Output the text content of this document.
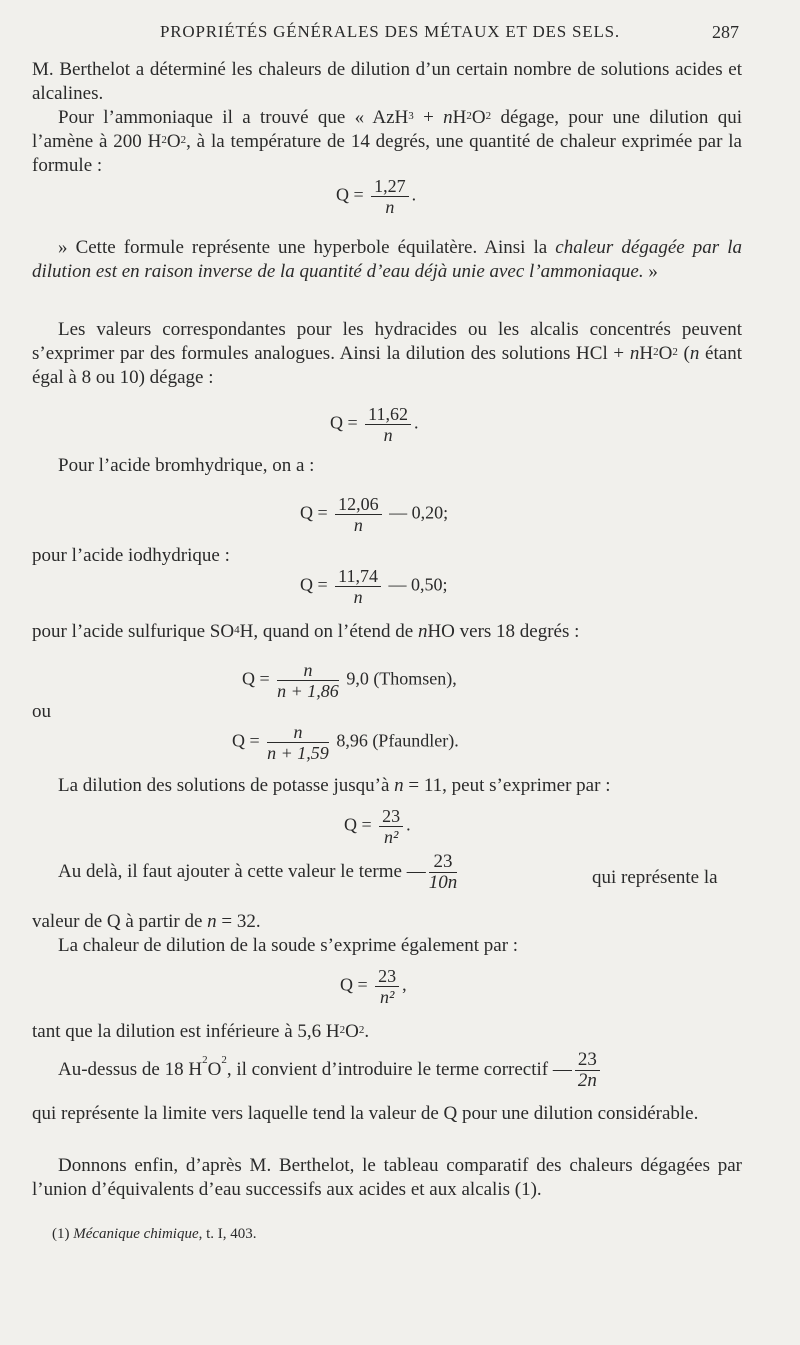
PROPRIÉTÉS GÉNÉRALES DES MÉTAUX ET DES SELS.	287

M. Berthelot a déterminé les chaleurs de dilution d’un certain nombre de solutions acides et alcalines.

Pour l’ammoniaque il a trouvé que « $AzH^3 + nH^2O^2$ dégage, pour une dilution qui l’amène à 200 $H^2O^2$, à la température de 14 degrés, une quantité de chaleur exprimée par la formule :

$Q = \frac{1,27}{n}$ .

» Cette formule représente une hyperbole équilatère. Ainsi la chaleur dégagée par la dilution est en raison inverse de la quantité d’eau déjà unie avec l’ammoniaque. »

Les valeurs correspondantes pour les hydracides ou les alcalis concentrés peuvent s’exprimer par des formules analogues. Ainsi la dilution des solutions HCl + $nH^2O^2$ (n étant égal à 8 ou 10) dégage :

$Q = \frac{11,62}{n}$ .

Pour l’acide bromhydrique, on a :

$Q = \frac{12,06}{n}$ — 0,20;

pour l’acide iodhydrique :

$Q = \frac{11,74}{n}$ — 0,50;

pour l’acide sulfurique $SO^4H$, quand on l’étend de nHO vers 18 degrés :

$Q = \frac{n}{n + 1,86} 9,0$ (Thomsen),

ou

$Q = \frac{n}{n + 1,59} 8,96$ (Pfaundler).

La dilution des solutions de potasse jusqu’à n = 11, peut s’exprimer par :

$Q = \frac{23}{\text{n²}}$ .
Au delà, il faut ajouter à cette valeur le terme — $\frac{23}{10n}$	qui représente la

valeur de Q à partir de n = 32.

La chaleur de dilution de la soude s’exprime également par :

$Q = \frac{23}{\text{n²}}$ ,

tant que la dilution est inférieure à 5,6 $H^2O^2$.

Au-dessus de 18 $H^2O^2$, il convient d’introduire le terme correctif — $\frac{23}{2n}$

qui représente la limite vers laquelle tend la valeur de Q pour une dilution considérable.

Donnons enfin, d’après M. Berthelot, le tableau comparatif des chaleurs dégagées par l’union d’équivalents d’eau successifs aux acides et aux alcalis (1).

(1) Mécanique chimique, t. I, 403.
